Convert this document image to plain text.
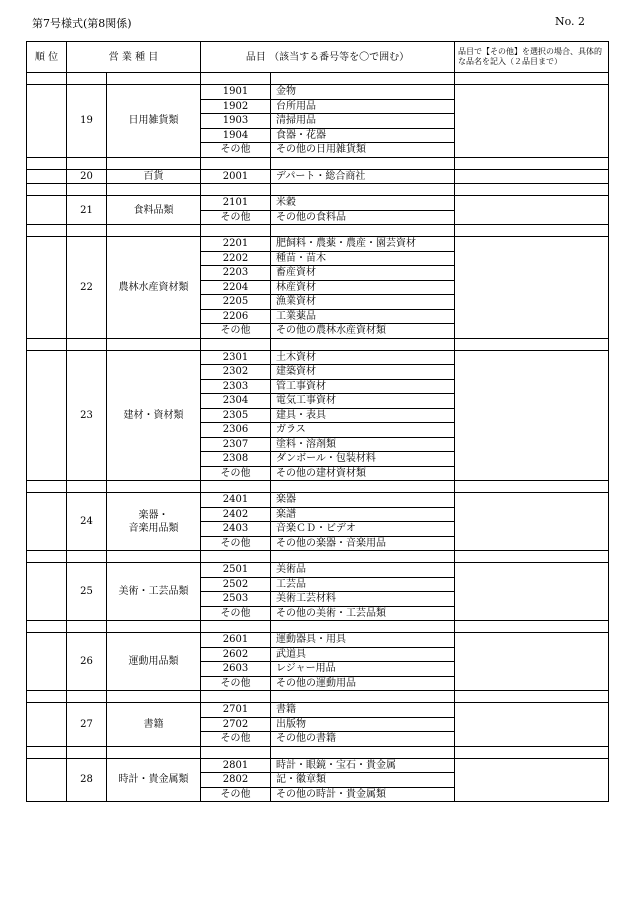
第7号様式(第8関係)	No. 2
順 位	営 業 種 目		品目 （該当する番号等を〇で囲む）		品目で【その他】を選択の場合、具体的な品名を記入（２品目まで）

	19	日用雑貨類	1901	金物	
			1902	台所用品	
			1903	清掃用品	
			1904	食器・花器	
			その他	その他の日用雑貨類	

	20	百貨	2001	デパート・総合商社	

	21	食料品類	2101	米穀	
			その他	その他の食料品	

	22	農林水産資材類	2201	肥飼料・農薬・農産・園芸資材	
			2202	種苗・苗木	
			2203	畜産資材	
			2204	林産資材	
			2205	漁業資材	
			2206	工業薬品	
			その他	その他の農林水産資材類	

	23	建材・資材類	2301	土木資材	
			2302	建築資材	
			2303	管工事資材	
			2304	電気工事資材	
			2305	建具・表具	
			2306	ガラス	
			2307	塗料・溶剤類	
			2308	ダンボール・包装材料	
			その他	その他の建材資材類	

	24	楽器・
音楽用品類	2401	楽器	
			2402	楽譜	
			2403	音楽ＣＤ・ビデオ	
			その他	その他の楽器・音楽用品	

	25	美術・工芸品類	2501	美術品	
			2502	工芸品	
			2503	美術工芸材料	
			その他	その他の美術・工芸品類	

	26	運動用品類	2601	運動器具・用具	
			2602	武道具	
			2603	レジャー用品	
			その他	その他の運動用品	

	27	書籍	2701	書籍	
			2702	出版物	
			その他	その他の書籍	

	28	時計・貴金属類	2801	時計・眼鏡・宝石・貴金属	
			2802	記・徽章類	
			その他	その他の時計・貴金属類	
